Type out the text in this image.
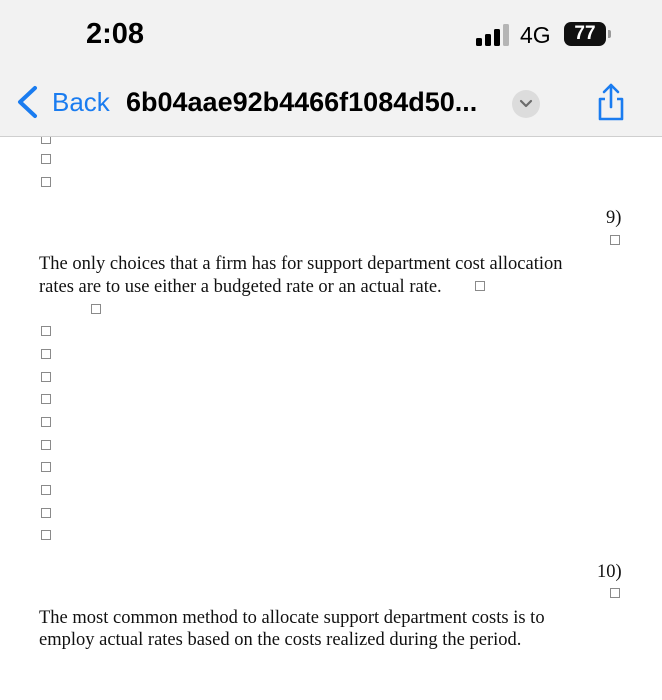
2:08	4G	77
Back 6b04aae92b4466f1084d50...
9)
The only choices that a firm has for support department cost allocation
rates are to use either a budgeted rate or an actual rate.
10)
The most common method to allocate support department costs is to
employ actual rates based on the costs realized during the period.
